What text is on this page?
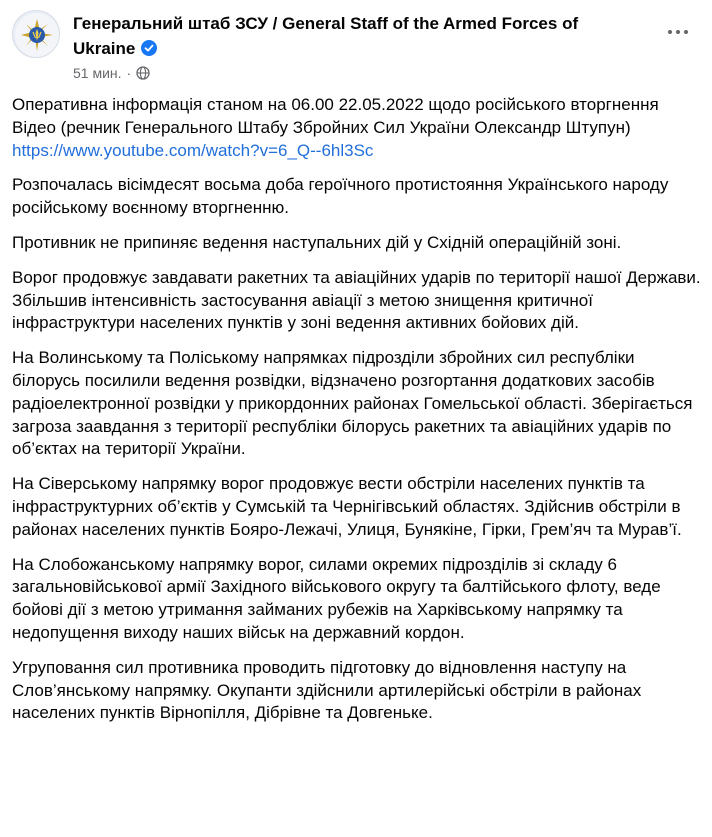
Генеральний штаб ЗСУ / General Staff of the Armed Forces of Ukraine
51 мин. ·

Оперативна інформація станом на 06.00 22.05.2022 щодо російського вторгнення
Відео (речник Генерального Штабу Збройних Сил України Олександр Штупун)
https://www.youtube.com/watch?v=6_Q--6hl3Sc

Розпочалась вісімдесят восьма доба героїчного протистояння Українського народу російському воєнному вторгненню.

Противник не припиняє ведення наступальних дій у Східній операційній зоні.

Ворог продовжує завдавати ракетних та авіаційних ударів по території нашої Держави. Збільшив інтенсивність застосування авіації з метою знищення критичної інфраструктури населених пунктів у зоні ведення активних бойових дій.

На Волинському та Поліському напрямках підрозділи збройних сил республіки білорусь посилили ведення розвідки, відзначено розгортання додаткових засобів радіоелектронної розвідки у прикордонних районах Гомельської області. Зберігається загроза заавдання з території республіки білорусь ракетних та авіаційних ударів по об’єктах на території України.

На Сіверському напрямку ворог продовжує вести обстріли населених пунктів та інфраструктурних об’єктів у Сумській та Чернігівський областях. Здійснив обстріли в районах населених пунктів Бояро-Лежачі, Улиця, Бунякіне, Гірки, Грем’яч та Мурав’ї.

На Слобожанському напрямку ворог, силами окремих підрозділів зі складу 6 загальновійськової армії Західного військового округу та балтійського флоту, веде бойові дії з метою утримання займаних рубежів на Харківському напрямку та недопущення виходу наших військ на державний кордон.

Угруповання сил противника проводить підготовку до відновлення наступу на Слов’янському напрямку. Окупанти здійснили артилерійські обстріли в районах населених пунктів Вірнопілля, Дібрівне та Довгеньке.
